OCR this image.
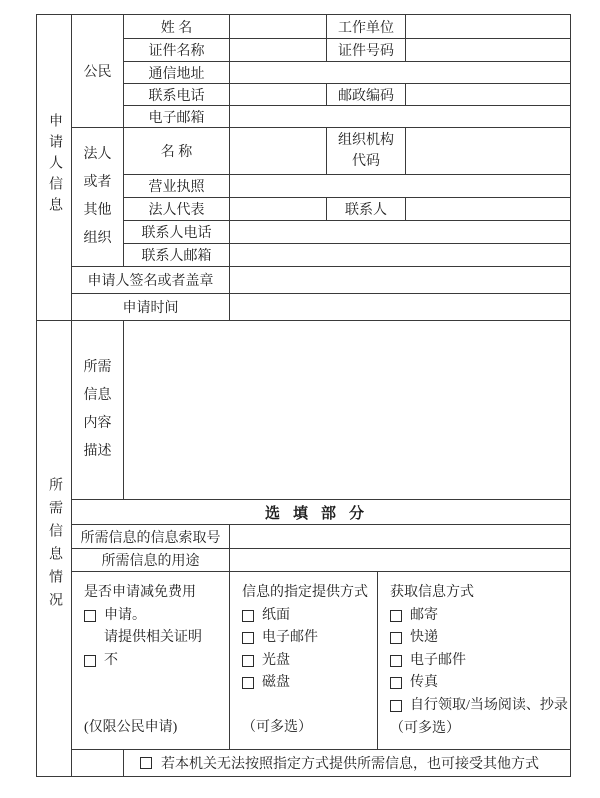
申请人信息	公民	姓 名		工作单位		
		证件名称		证件号码		
		通信地址				
		联系电话		邮政编码		
		电子邮箱				

	法人或者其他组织	名 称		组织机构代码		

		营业执照				
		法人代表		联系人		
		联系人电话				
		联系人邮箱				
	申请人签名或者盖章					
	申请时间					
所需信息情况	所需信息内容描述					

	选填部分					
	所需信息的信息索取号					
	所需信息的用途					

是否申请减免费用
申请。
请提供相关证明
不
(仅限公民申请)

信息的指定提供方式
纸面
电子邮件
光盘
磁盘
（可多选）

获取信息方式
邮寄
快递
电子邮件
传真
自行领取/当场阅读、抄录
（可多选）

		若本机关无法按照指定方式提供所需信息，也可接受其他方式				
